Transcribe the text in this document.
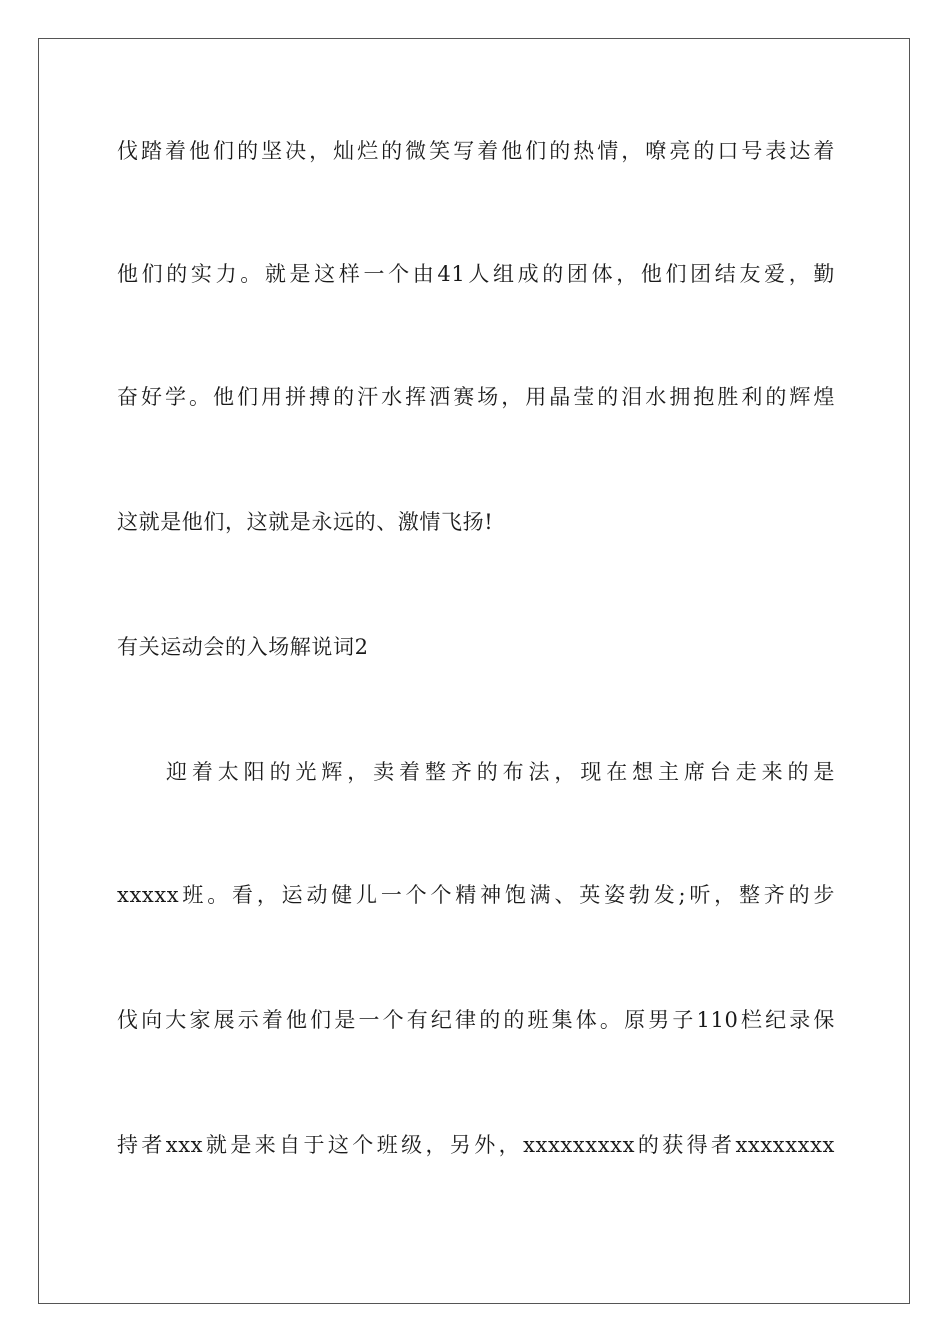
伐踏着他们的坚决，灿烂的微笑写着他们的热情，嘹亮的口号表达着
他们的实力。就是这样一个由41人组成的团体，他们团结友爱，勤
奋好学。他们用拼搏的汗水挥洒赛场，用晶莹的泪水拥抱胜利的辉煌
这就是他们，这就是永远的、激情飞扬!
有关运动会的入场解说词2
迎着太阳的光辉，卖着整齐的布法，现在想主席台走来的是
xxxxx班。看，运动健儿一个个精神饱满、英姿勃发;听，整齐的步
伐向大家展示着他们是一个有纪律的的班集体。原男子110栏纪录保
持者xxx就是来自于这个班级，另外，xxxxxxxxx的获得者xxxxxxxx
